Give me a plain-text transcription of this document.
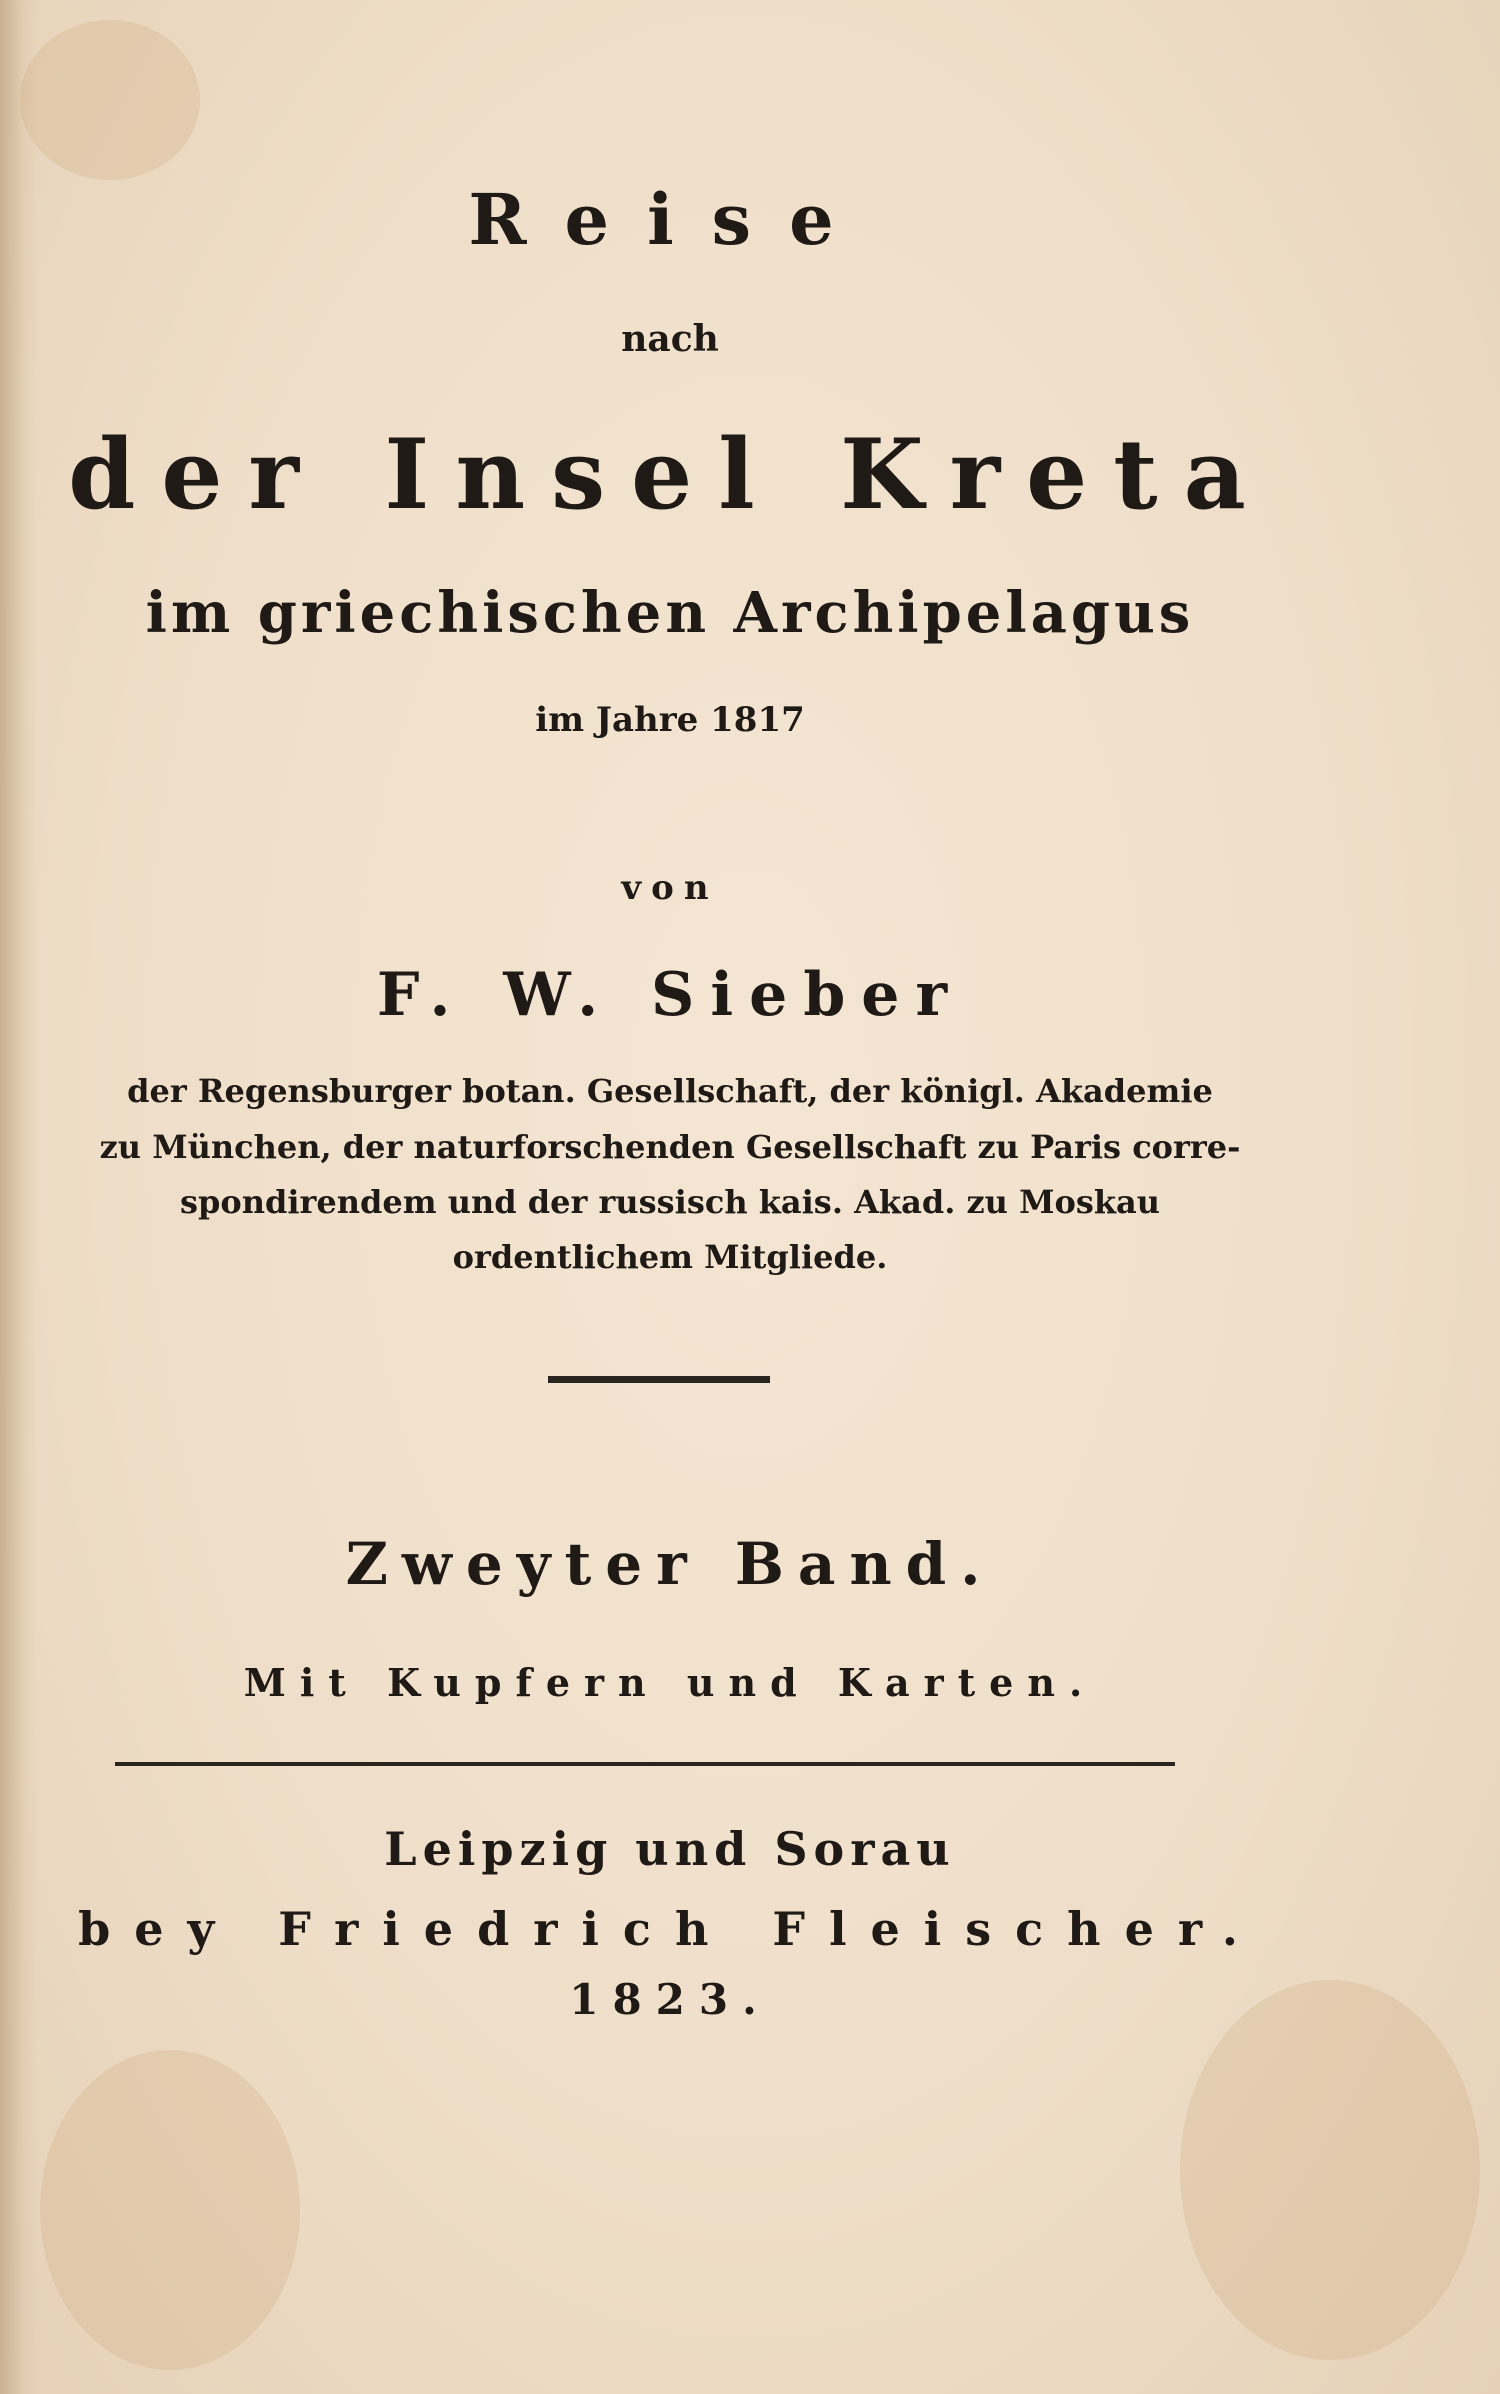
Reise
nach
der Insel Kreta
im griechischen Archipelagus
im Jahre 1817
von
F. W. Sieber
der Regensburger botan. Gesellschaft, der königl. Akademie
zu München, der naturforschenden Gesellschaft zu Paris corre-
spondirendem und der russisch kais. Akad. zu Moskau
ordentlichem Mitgliede.
Zweyter Band.
Mit Kupfern und Karten.
Leipzig und Sorau
bey Friedrich Fleischer.
1823.
